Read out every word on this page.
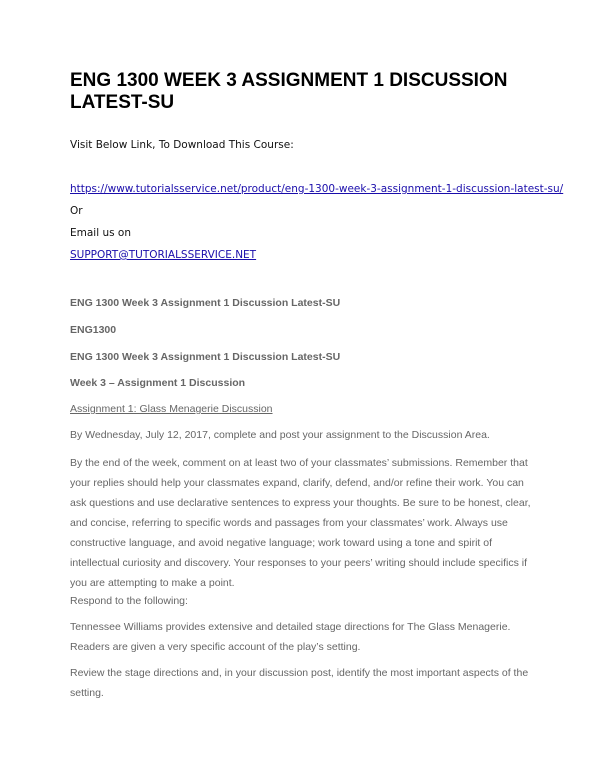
ENG 1300 WEEK 3 ASSIGNMENT 1 DISCUSSION LATEST-SU
Visit Below Link, To Download This Course:
https://www.tutorialsservice.net/product/eng-1300-week-3-assignment-1-discussion-latest-su/
Or
Email us on
SUPPORT@TUTORIALSSERVICE.NET
ENG 1300 Week 3 Assignment 1 Discussion Latest-SU
ENG1300
ENG 1300 Week 3 Assignment 1 Discussion Latest-SU
Week 3 – Assignment 1 Discussion

Assignment 1: Glass Menagerie Discussion

By Wednesday, July 12, 2017, complete and post your assignment to the Discussion Area.

By the end of the week, comment on at least two of your classmates’ submissions. Remember that your replies should help your classmates expand, clarify, defend, and/or refine their work. You can ask questions and use declarative sentences to express your thoughts. Be sure to be honest, clear, and concise, referring to specific words and passages from your classmates’ work. Always use constructive language, and avoid negative language; work toward using a tone and spirit of intellectual curiosity and discovery. Your responses to your peers’ writing should include specifics if you are attempting to make a point.

Respond to the following:

Tennessee Williams provides extensive and detailed stage directions for The Glass Menagerie. Readers are given a very specific account of the play’s setting.

Review the stage directions and, in your discussion post, identify the most important aspects of the setting.
